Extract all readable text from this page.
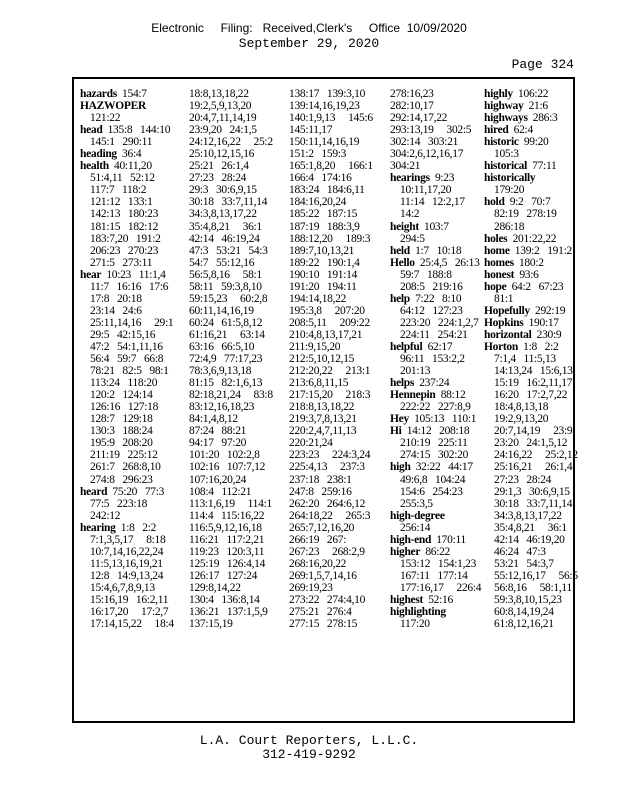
Electronic     Filing:   Received,Clerk's     Office  10/09/2020
September 29, 2020
Page 324
hazards 154:7
HAZWOPER
121:22
head 135:8   144:10
145:1   290:11
heading 36:4
health 40:11,20
51:4,11   52:12
117:7   118:2
121:12   133:1
142:13   180:23
181:15   182:12
183:7,20   191:2
206:23   270:23
271:5   273:11
hear 10:23   11:1,4
11:7   16:16   17:6
17:8   20:18
23:14   24:6
25:11,14,16     29:1
29:5   42:15,16
47:2   54:1,11,16
56:4   59:7   66:8
78:21   82:5   98:1
113:24   118:20
120:2   124:14
126:16   127:18
128:7   129:18
130:3   188:24
195:9   208:20
211:19   225:12
261:7   268:8,10
274:8   296:23
heard 75:20   77:3
77:5   223:18
242:12
hearing 1:8   2:2
7:1,3,5,17     8:18
10:7,14,16,22,24
11:5,13,16,19,21
12:8   14:9,13,24
15:4,6,7,8,9,13
15:16,19   16:2,11
16:17,20     17:2,7
17:14,15,22     18:4
18:8,13,18,22
19:2,5,9,13,20
20:4,7,11,14,19
23:9,20   24:1,5
24:12,16,22     25:2
25:10,12,15,16
25:21   26:1,4
27:23   28:24
29:3   30:6,9,15
30:18   33:7,11,14
34:3,8,13,17,22
35:4,8,21     36:1
42:14   46:19,24
47:3   53:21   54:3
54:7   55:12,16
56:5,8,16     58:1
58:11   59:3,8,10
59:15,23     60:2,8
60:11,14,16,19
60:24   61:5,8,12
61:16,21     63:14
63:16   66:5,10
72:4,9   77:17,23
78:3,6,9,13,18
81:15   82:1,6,13
82:18,21,24     83:8
83:12,16,18,23
84:1,4,8,12
87:24   88:21
94:17   97:20
101:20   102:2,8
102:16   107:7,12
107:16,20,24
108:4   112:21
113:1,6,19     114:1
114:4   115:16,22
116:5,9,12,16,18
116:21   117:2,21
119:23   120:3,11
125:19   126:4,14
126:17   127:24
129:8,14,22
130:4   136:8,14
136:21   137:1,5,9
137:15,19
138:17   139:3,10
139:14,16,19,23
140:1,9,13     145:6
145:11,17
150:11,14,16,19
151:2   159:3
165:1,8,20     166:1
166:4   174:16
183:24   184:6,11
184:16,20,24
185:22   187:15
187:19   188:3,9
188:12,20     189:3
189:7,10,13,21
189:22   190:1,4
190:10   191:14
191:20   194:11
194:14,18,22
195:3,8     207:20
208:5,11     209:22
210:4,8,13,17,21
211:9,15,20
212:5,10,12,15
212:20,22     213:1
213:6,8,11,15
217:15,20     218:3
218:8,13,18,22
219:3,7,8,13,21
220:2,4,7,11,13
220:21,24
223:23     224:3,24
225:4,13     237:3
237:18   238:1
247:8   259:16
262:20   264:6,12
264:18,22     265:3
265:7,12,16,20
266:19   267:
267:23     268:2,9
268:16,20,22
269:1,5,7,14,16
269:19,23
273:22   274:4,10
275:21   276:4
277:15   278:15
278:16,23
282:10,17
292:14,17,22
293:13,19     302:5
302:14   303:21
304:2,6,12,16,17
304:21
hearings 9:23
10:11,17,20
11:14   12:2,17
14:2
height 103:7
294:5
held 1:7   10:18
Hello 25:4,5   26:13
59:7   188:8
208:5   219:16
help 7:22   8:10
64:12   127:23
223:20   224:1,2,7
224:11   254:21
helpful 62:17
96:11   153:2,2
201:13
helps 237:24
Hennepin 88:12
222:22   227:8,9
Hey 105:13   110:1
Hi 14:12   208:18
210:19   225:11
274:15   302:20
high 32:22   44:17
49:6,8   104:24
154:6   254:23
255:3,5
high-degree
256:14
high-end 170:11
higher 86:22
153:12   154:1,23
167:11   177:14
177:16,17     226:4
highest 52:16
highlighting
117:20
highly 106:22
highway 21:6
highways 286:3
hired 62:4
historic 99:20
105:3
historical 77:11
historically
179:20
hold 9:2   70:7
82:19   278:19
286:18
holes 201:22,22
home 139:2   191:2
homes 180:2
honest 93:6
hope 64:2   67:23
81:1
Hopefully 292:19
Hopkins 190:17
horizontal 230:9
Horton 1:8   2:2
7:1,4   11:5,13
14:13,24   15:6,13
15:19   16:2,11,17
16:20   17:2,7,22
18:4,8,13,18
19:2,9,13,20
20:7,14,19     23:9
23:20   24:1,5,12
24:16,22     25:2,12
25:16,21     26:1,4
27:23   28:24
29:1,3   30:6,9,15
30:18   33:7,11,14
34:3,8,13,17,22
35:4,8,21     36:1
42:14   46:19,20
46:24   47:3
53:21   54:3,7
55:12,16,17     56:5
56:8,16     58:1,11
59:3,8,10,15,23
60:8,14,19,24
61:8,12,16,21
L.A. Court Reporters, L.L.C.
312-419-9292
